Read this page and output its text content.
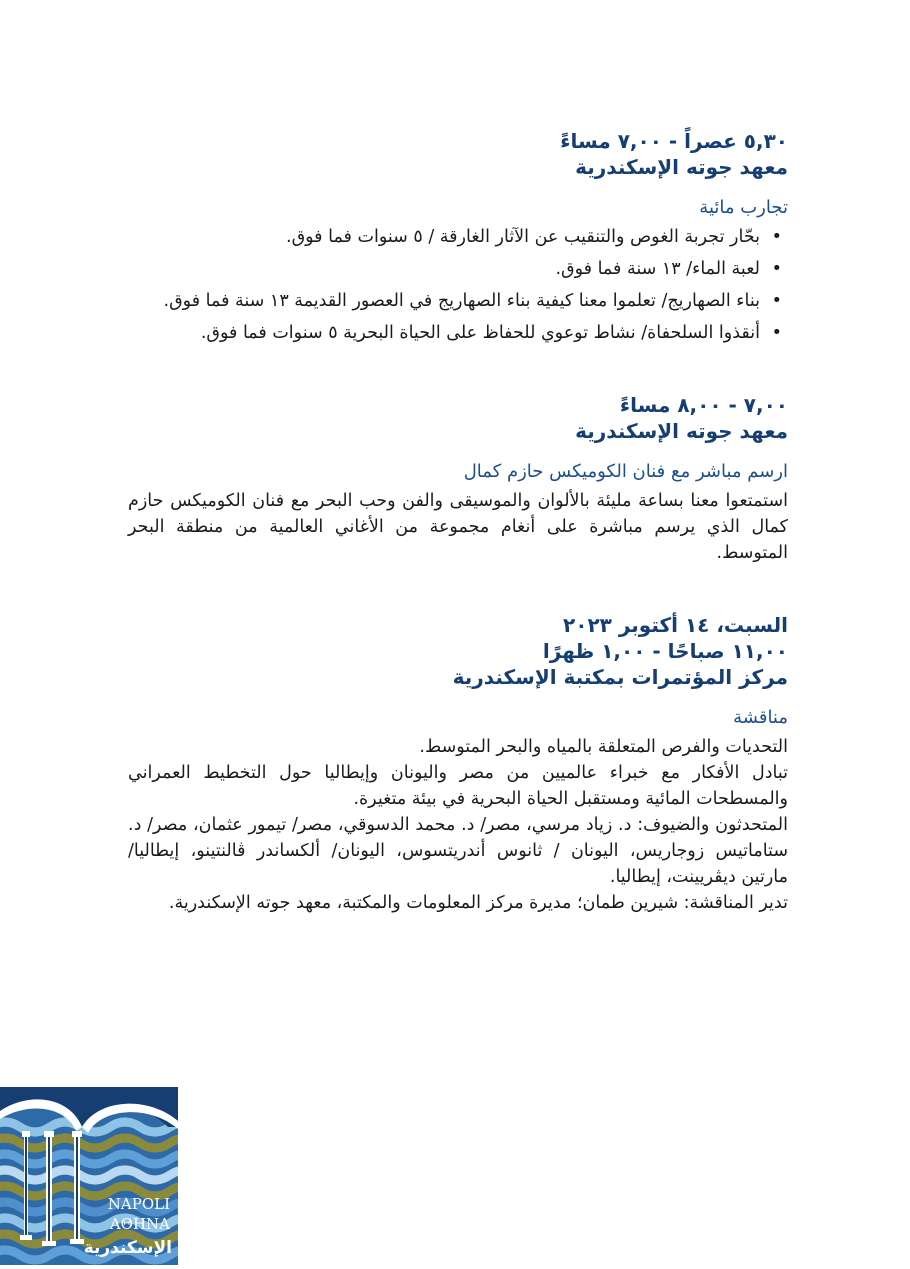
٥,٣٠ عصراً - ٧,٠٠ مساءً

معهد جوته الإسكندرية

تجارب مائية

• بحّار تجربة الغوص والتنقيب عن الآثار الغارقة / ٥ سنوات فما فوق.
• لعبة الماء/ ١٣ سنة فما فوق.
• بناء الصهاريج/ تعلموا معنا كيفية بناء الصهاريج في العصور القديمة ١٣ سنة فما فوق.
• أنقذوا السلحفاة/ نشاط توعوي للحفاظ على الحياة البحرية ٥ سنوات فما فوق.

٧,٠٠ - ٨,٠٠ مساءً

معهد جوته الإسكندرية

ارسم مباشر مع فنان الكوميكس حازم كمال

استمتعوا معنا بساعة مليئة بالألوان والموسيقى والفن وحب البحر مع فنان الكوميكس حازم كمال الذي يرسم مباشرة على أنغام مجموعة من الأغاني العالمية من منطقة البحر المتوسط.

السبت، ١٤ أكتوبر ٢٠٢٣

١١,٠٠ صباحًا - ١,٠٠ ظهرًا

مركز المؤتمرات بمكتبة الإسكندرية

مناقشة

التحديات والفرص المتعلقة بالمياه والبحر المتوسط.
تبادل الأفكار مع خبراء عالميين من مصر واليونان وإيطاليا حول التخطيط العمراني والمسطحات المائية ومستقبل الحياة البحرية في بيئة متغيرة.
المتحدثون والضيوف: د. زياد مرسي، مصر/ د. محمد الدسوقي، مصر/ تيمور عثمان، مصر/ د. ستاماتيس زوجاريس، اليونان / ثانوس أندريتسوس، اليونان/ ألكساندر ڤالنتينو، إيطاليا/ مارتين ديڤريينت، إيطاليا.
تدير المناقشة: شيرين طمان؛ مديرة مركز المعلومات والمكتبة، معهد جوته الإسكندرية.
NAPOLI
AΘHNA
الإسكندرية
